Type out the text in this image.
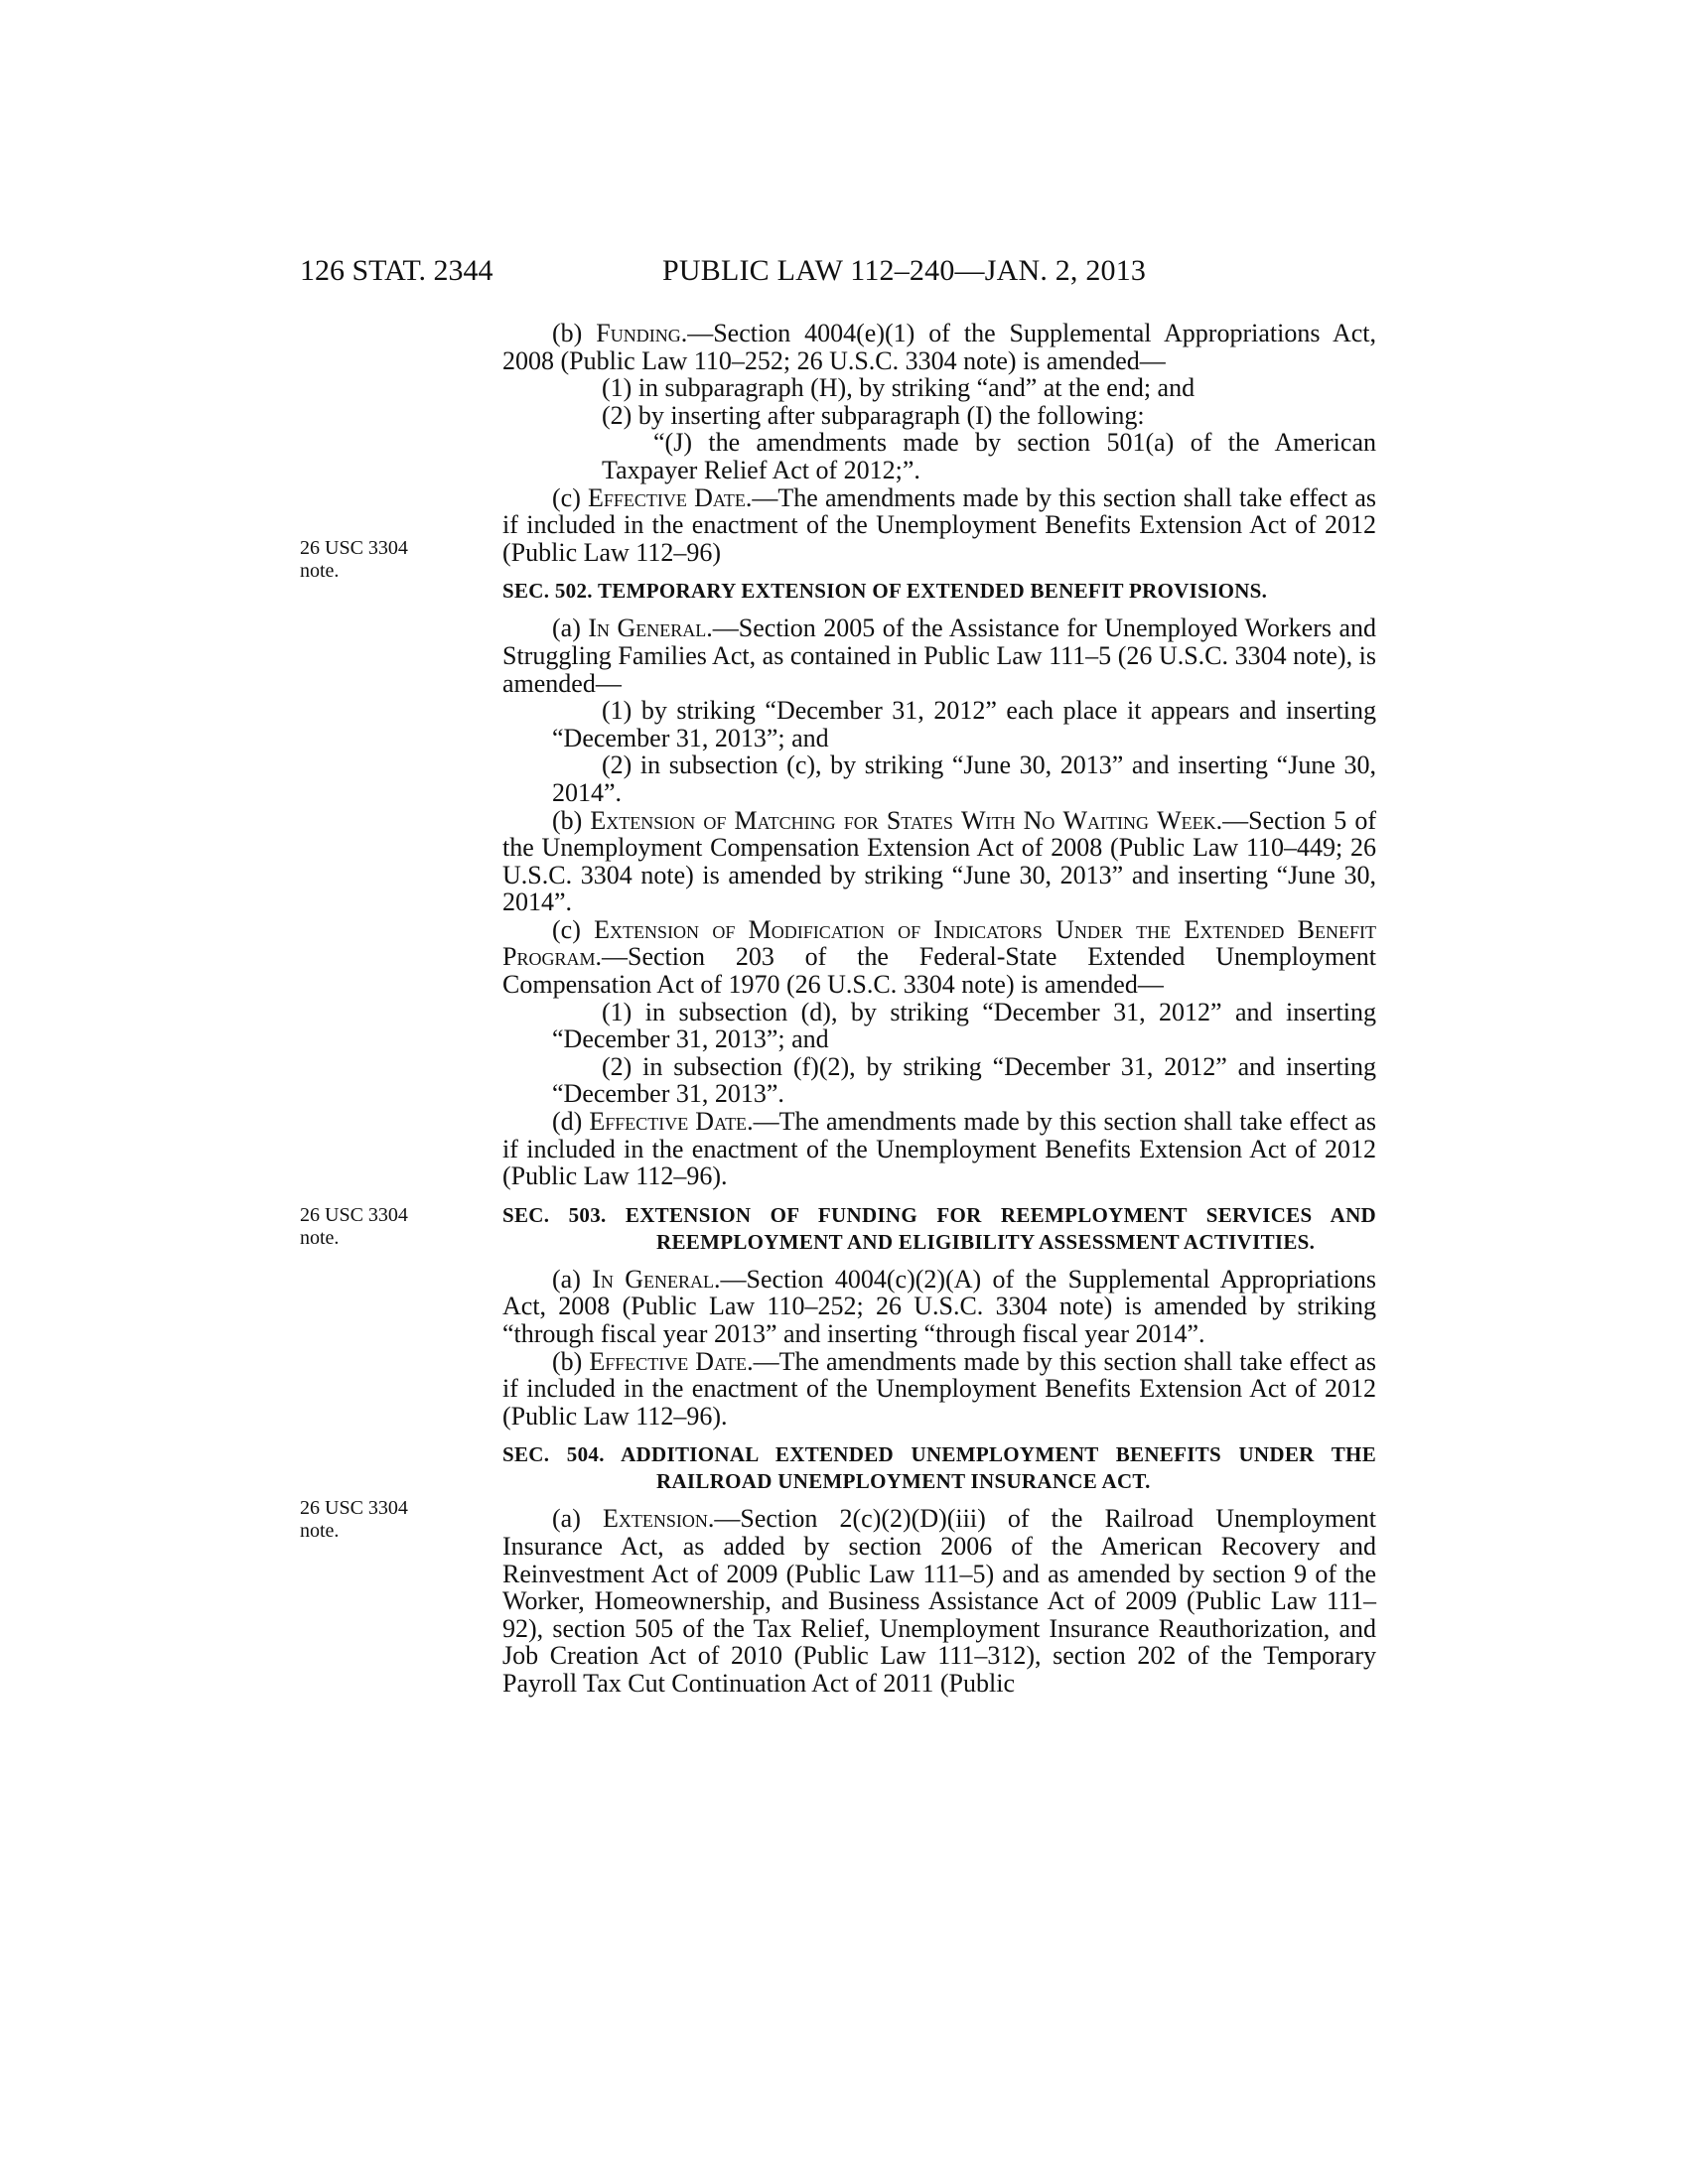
126 STAT. 2344	PUBLIC LAW 112–240—JAN. 2, 2013
26 USC 3304
note.
26 USC 3304
note.
26 USC 3304
note.

(b) Funding.—Section 4004(e)(1) of the Supplemental Appropriations Act, 2008 (Public Law 110–252; 26 U.S.C. 3304 note) is amended—

(1) in subparagraph (H), by striking “and” at the end; and

(2) by inserting after subparagraph (I) the following:

“(J) the amendments made by section 501(a) of the American Taxpayer Relief Act of 2012;”.

(c) Effective Date.—The amendments made by this section shall take effect as if included in the enactment of the Unemployment Benefits Extension Act of 2012 (Public Law 112–96)

SEC. 502. TEMPORARY EXTENSION OF EXTENDED BENEFIT PROVISIONS.

(a) In General.—Section 2005 of the Assistance for Unemployed Workers and Struggling Families Act, as contained in Public Law 111–5 (26 U.S.C. 3304 note), is amended—

(1) by striking “December 31, 2012” each place it appears and inserting “December 31, 2013”; and

(2) in subsection (c), by striking “June 30, 2013” and inserting “June 30, 2014”.

(b) Extension of Matching for States With No Waiting Week.—Section 5 of the Unemployment Compensation Extension Act of 2008 (Public Law 110–449; 26 U.S.C. 3304 note) is amended by striking “June 30, 2013” and inserting “June 30, 2014”.

(c) Extension of Modification of Indicators Under the Extended Benefit Program.—Section 203 of the Federal-State Extended Unemployment Compensation Act of 1970 (26 U.S.C. 3304 note) is amended—

(1) in subsection (d), by striking “December 31, 2012” and inserting “December 31, 2013”; and

(2) in subsection (f)(2), by striking “December 31, 2012” and inserting “December 31, 2013”.

(d) Effective Date.—The amendments made by this section shall take effect as if included in the enactment of the Unemployment Benefits Extension Act of 2012 (Public Law 112–96).

SEC. 503. EXTENSION OF FUNDING FOR REEMPLOYMENT SERVICES AND REEMPLOYMENT AND ELIGIBILITY ASSESSMENT ACTIVITIES.

(a) In General.—Section 4004(c)(2)(A) of the Supplemental Appropriations Act, 2008 (Public Law 110–252; 26 U.S.C. 3304 note) is amended by striking “through fiscal year 2013” and inserting “through fiscal year 2014”.

(b) Effective Date.—The amendments made by this section shall take effect as if included in the enactment of the Unemployment Benefits Extension Act of 2012 (Public Law 112–96).

SEC. 504. ADDITIONAL EXTENDED UNEMPLOYMENT BENEFITS UNDER THE RAILROAD UNEMPLOYMENT INSURANCE ACT.

(a) Extension.—Section 2(c)(2)(D)(iii) of the Railroad Unemployment Insurance Act, as added by section 2006 of the American Recovery and Reinvestment Act of 2009 (Public Law 111–5) and as amended by section 9 of the Worker, Homeownership, and Business Assistance Act of 2009 (Public Law 111–92), section 505 of the Tax Relief, Unemployment Insurance Reauthorization, and Job Creation Act of 2010 (Public Law 111–312), section 202 of the Temporary Payroll Tax Cut Continuation Act of 2011 (Public
